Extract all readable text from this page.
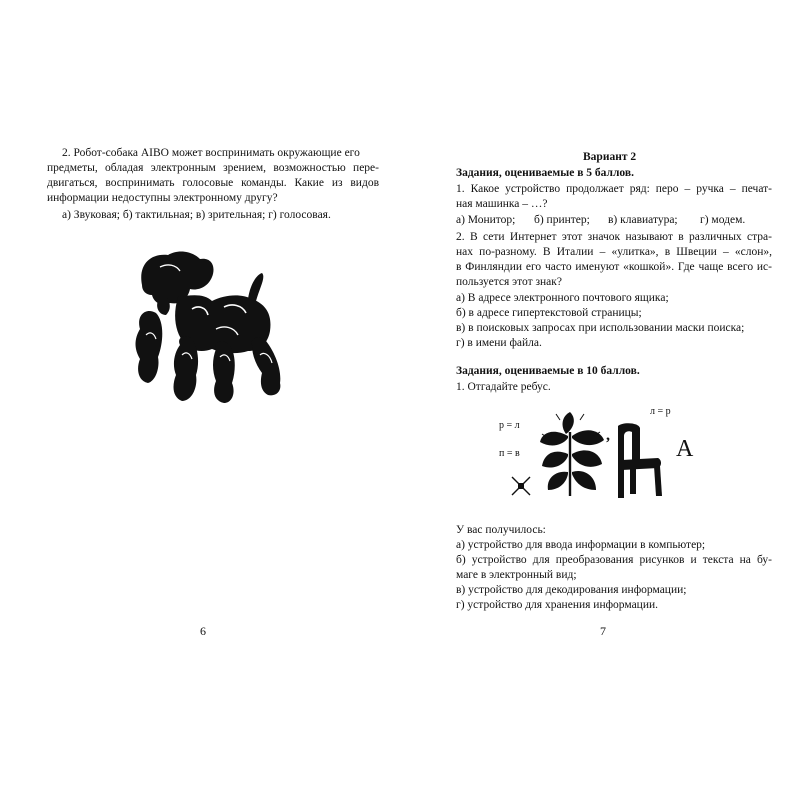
2. Робот-собака AIBO может воспринимать окружающие его
предметы, обладая электронным зрением, возможностью пере-
двигаться, воспринимать голосовые команды. Какие из видов
информации недоступны электронному другу?
а) Звуковая; б) тактильная; в) зрительная; г) голосовая.
6
Вариант 2
Задания, оцениваемые в 5 баллов.
1. Какое устройство продолжает ряд: перо – ручка – печат-
ная машинка – …?
а) Монитор; б) принтер; в) клавиатура; г) модем.
2. В сети Интернет этот значок называют в различных стра-
нах по-разному. В Италии – «улитка», в Швеции – «слон»,
в Финляндии его часто именуют «кошкой». Где чаще всего ис-
пользуется этот знак?
а) В адресе электронного почтового ящика;
б) в адресе гипертекстовой страницы;
в) в поисковых запросах при использовании маски поиска;
г) в имени файла.
Задания, оцениваемые в 10 баллов.
1. Отгадайте ребус.
р = л
п = в
л = р
,
А
У вас получилось:
а) устройство для ввода информации в компьютер;
б) устройство для преобразования рисунков и текста на бу-
маге в электронный вид;
в) устройство для декодирования информации;
г) устройство для хранения информации.
7
